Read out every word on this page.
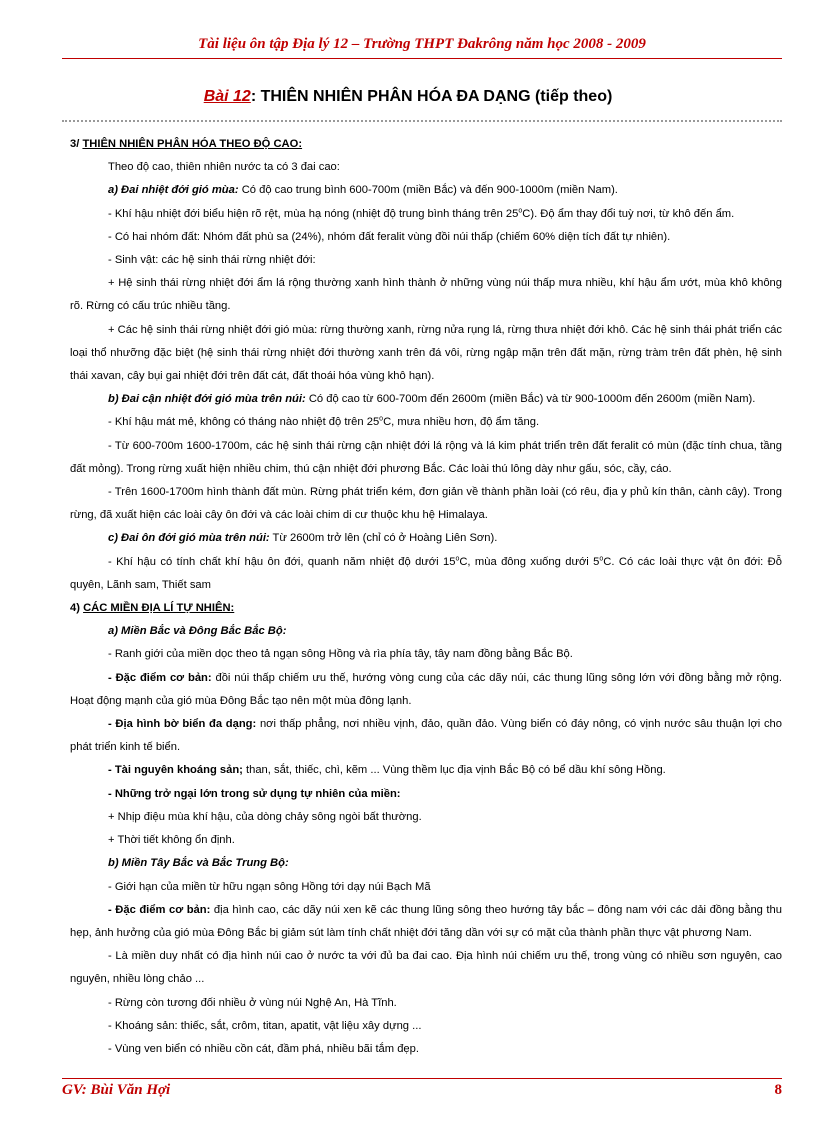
Tài liệu ôn tập Địa lý 12 – Trường THPT Đakrông năm học 2008 - 2009
Bài 12: THIÊN NHIÊN PHÂN HÓA ĐA DẠNG (tiếp theo)

3/ THIÊN NHIÊN PHÂN HÓA THEO ĐỘ CAO:

Theo độ cao, thiên nhiên nước ta có 3 đai cao:

a) Đai nhiệt đới gió mùa: Có độ cao trung bình 600-700m (miền Bắc) và đến 900-1000m (miền Nam).

- Khí hậu nhiệt đới biểu hiện rõ rệt, mùa hạ nóng (nhiệt độ trung bình tháng trên 25$^o$C). Độ ẩm thay đổi tuỳ nơi, từ khô đến ẩm.

- Có hai nhóm đất: Nhóm đất phù sa (24%), nhóm đất feralit vùng đồi núi thấp (chiếm 60% diện tích đất tự nhiên).

- Sinh vật: các hệ sinh thái rừng nhiệt đới:

+ Hệ sinh thái rừng nhiệt đới ẩm lá rộng thường xanh hình thành ở những vùng núi thấp mưa nhiều, khí hậu ẩm ướt, mùa khô không rõ. Rừng có cấu trúc nhiều tầng.

+ Các hệ sinh thái rừng nhiệt đới gió mùa: rừng thường xanh, rừng nửa rụng lá, rừng thưa nhiệt đới khô. Các hệ sinh thái phát triển các loại thổ nhưỡng đặc biệt (hệ sinh thái rừng nhiệt đới thường xanh trên đá vôi, rừng ngập mặn trên đất mặn, rừng tràm trên đất phèn, hệ sinh thái xavan, cây bụi gai nhiệt đới trên đất cát, đất thoái hóa vùng khô hạn).

b) Đai cận nhiệt đới gió mùa trên núi: Có độ cao từ 600-700m đến 2600m (miền Bắc) và từ 900-1000m đến 2600m (miền Nam).

- Khí hậu mát mẻ, không có tháng nào nhiệt độ trên 25$^o$C, mưa nhiều hơn, độ ẩm tăng.

- Từ 600-700m 1600-1700m, các hệ sinh thái rừng cận nhiệt đới lá rộng và lá kim phát triển trên đất feralit có mùn (đặc tính chua, tầng đất mỏng). Trong rừng xuất hiện nhiều chim, thú cận nhiệt đới phương Bắc. Các loài thú lông dày như gấu, sóc, cầy, cáo.

- Trên 1600-1700m hình thành đất mùn. Rừng phát triển kém, đơn giản về thành phần loài (có rêu, địa y phủ kín thân, cành cây). Trong rừng, đã xuất hiện các loài cây ôn đới và các loài chim di cư thuộc khu hệ Himalaya.

c) Đai ôn đới gió mùa trên núi: Từ 2600m trở lên (chỉ có ở Hoàng Liên Sơn).

- Khí hậu có tính chất khí hậu ôn đới, quanh năm nhiệt độ dưới 15$^o$C, mùa đông xuống dưới 5$^o$C. Có các loài thực vật ôn đới: Đỗ quyên, Lãnh sam, Thiết sam

4) CÁC MIỀN ĐỊA LÍ TỰ NHIÊN:

a) Miền Bắc và Đông Bắc Bắc Bộ:

- Ranh giới của miền dọc theo tả ngạn sông Hồng và rìa phía tây, tây nam đồng bằng Bắc Bộ.

- Đặc điểm cơ bản: đồi núi thấp chiếm ưu thế, hướng vòng cung của các dãy núi, các thung lũng sông lớn với đồng bằng mở rộng. Hoạt động mạnh của gió mùa Đông Bắc tạo nên một mùa đông lạnh.

- Địa hình bờ biển đa dạng: nơi thấp phẳng, nơi nhiều vịnh, đảo, quần đảo. Vùng biển có đáy nông, có vịnh nước sâu thuận lợi cho phát triển kinh tế biển.

- Tài nguyên khoáng sản; than, sắt, thiếc, chì, kẽm ... Vùng thềm lục địa vịnh Bắc Bộ có bể dầu khí sông Hồng.

- Những trở ngại lớn trong sử dụng tự nhiên của miền:

+ Nhịp điệu mùa khí hậu, của dòng chảy sông ngòi bất thường.

+ Thời tiết không ổn định.

b) Miền Tây Bắc và Bắc Trung Bộ:

- Giới hạn của miền từ hữu ngạn sông Hồng tới dạy núi Bạch Mã

- Đặc điểm cơ bản: địa hình cao, các dãy núi xen kẽ các thung lũng sông theo hướng tây bắc – đông nam với các dải đồng bằng thu hẹp, ảnh hưởng của gió mùa Đông Bắc bị giảm sút làm tính chất nhiệt đới tăng dần với sự có mặt của thành phần thực vật phương Nam.

- Là miền duy nhất có địa hình núi cao ở nước ta với đủ ba đai cao. Địa hình núi chiếm ưu thế, trong vùng có nhiều sơn nguyên, cao nguyên, nhiều lòng chảo ...

- Rừng còn tương đối nhiều ở vùng núi Nghệ An, Hà Tĩnh.

- Khoáng sản: thiếc, sắt, crôm, titan, apatit, vật liệu xây dựng ...

- Vùng ven biển có nhiều cồn cát, đầm phá, nhiều bãi tắm đẹp.

GV: Bùi Văn Hợi	8
